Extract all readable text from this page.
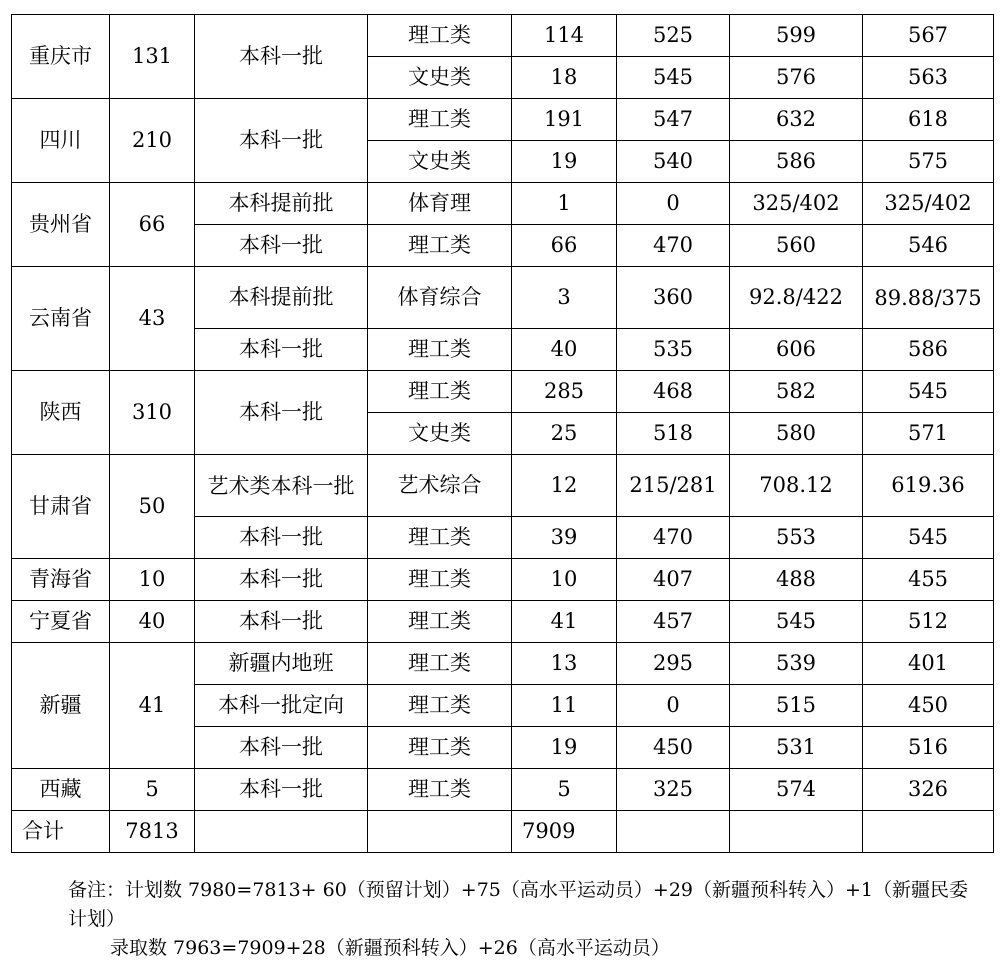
重庆市	131	本科一批	理工类	114	525	599	567
			文史类	18	545	576	563
四川	210	本科一批	理工类	191	547	632	618
			文史类	19	540	586	575
贵州省	66	本科提前批	体育理	1	0	325/402	325/402
		本科一批	理工类	66	470	560	546
云南省	43	本科提前批	体育综合	3	360	92.8/422	89.88/375
		本科一批	理工类	40	535	606	586
陕西	310	本科一批	理工类	285	468	582	545
			文史类	25	518	580	571
甘肃省	50	艺术类本科一批	艺术综合	12	215/281	708.12	619.36
		本科一批	理工类	39	470	553	545
青海省	10	本科一批	理工类	10	407	488	455
宁夏省	40	本科一批	理工类	41	457	545	512
新疆	41	新疆内地班	理工类	13	295	539	401
		本科一批定向	理工类	11	0	515	450
		本科一批	理工类	19	450	531	516
西藏	5	本科一批	理工类	5	325	574	326
合计	7813			7909			

备注：计划数 7980=7813+ 60（预留计划）+75（高水平运动员）+29（新疆预科转入）+1（新疆民委计划）

录取数 7963=7909+28（新疆预科转入）+26（高水平运动员）
